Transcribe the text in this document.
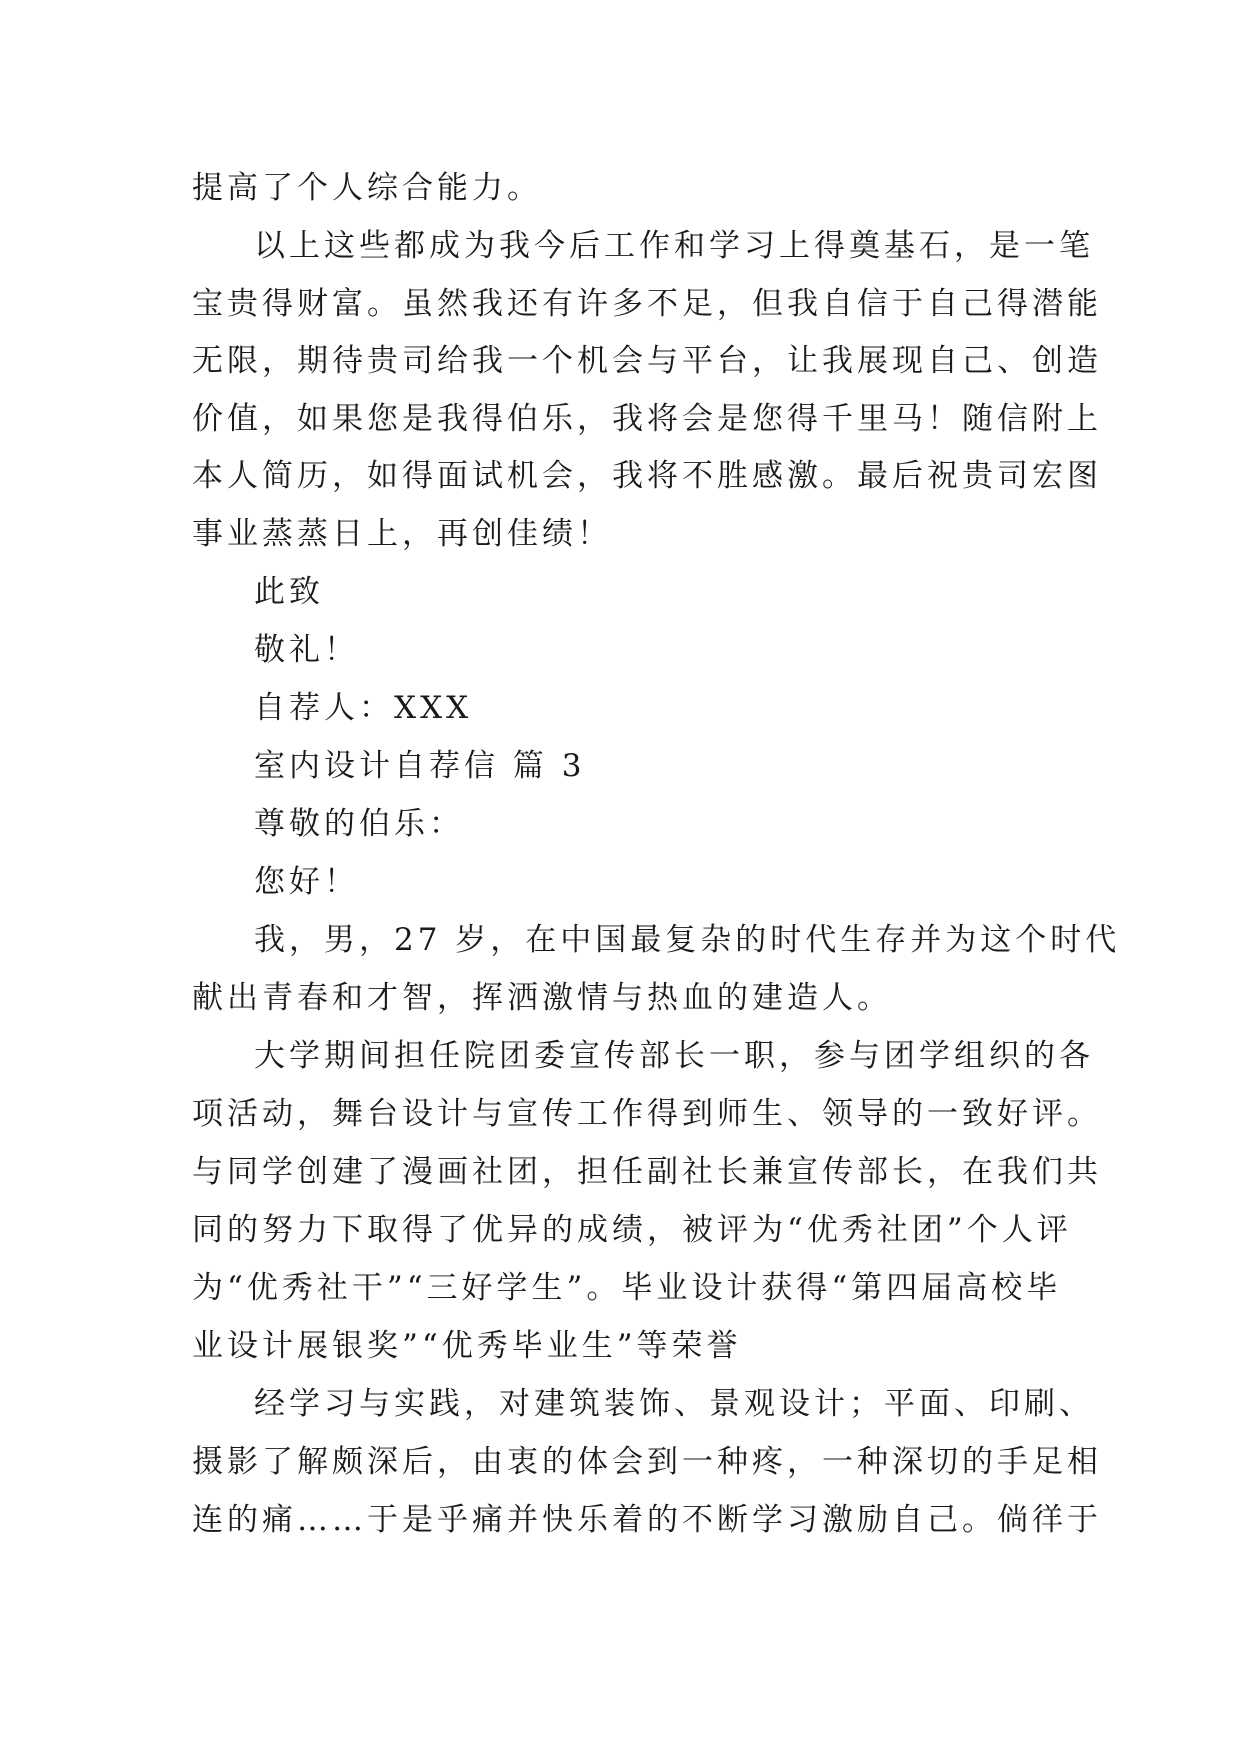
提高了个人综合能力。
以上这些都成为我今后工作和学习上得奠基石，是一笔
宝贵得财富。虽然我还有许多不足，但我自信于自己得潜能
无限，期待贵司给我一个机会与平台，让我展现自己、创造
价值，如果您是我得伯乐，我将会是您得千里马！随信附上
本人简历，如得面试机会，我将不胜感激。最后祝贵司宏图
事业蒸蒸日上，再创佳绩！
此致
敬礼！
自荐人：XXX
室内设计自荐信 篇 3
尊敬的伯乐：
您好！
我，男，27 岁，在中国最复杂的时代生存并为这个时代
献出青春和才智，挥洒激情与热血的建造人。
大学期间担任院团委宣传部长一职，参与团学组织的各
项活动，舞台设计与宣传工作得到师生、领导的一致好评。
与同学创建了漫画社团，担任副社长兼宣传部长，在我们共
同的努力下取得了优异的成绩，被评为“优秀社团”个人评
为“优秀社干”“三好学生”。毕业设计获得“第四届高校毕
业设计展银奖”“优秀毕业生”等荣誉
经学习与实践，对建筑装饰、景观设计；平面、印刷、
摄影了解颇深后，由衷的体会到一种疼，一种深切的手足相
连的痛……于是乎痛并快乐着的不断学习激励自己。倘徉于
